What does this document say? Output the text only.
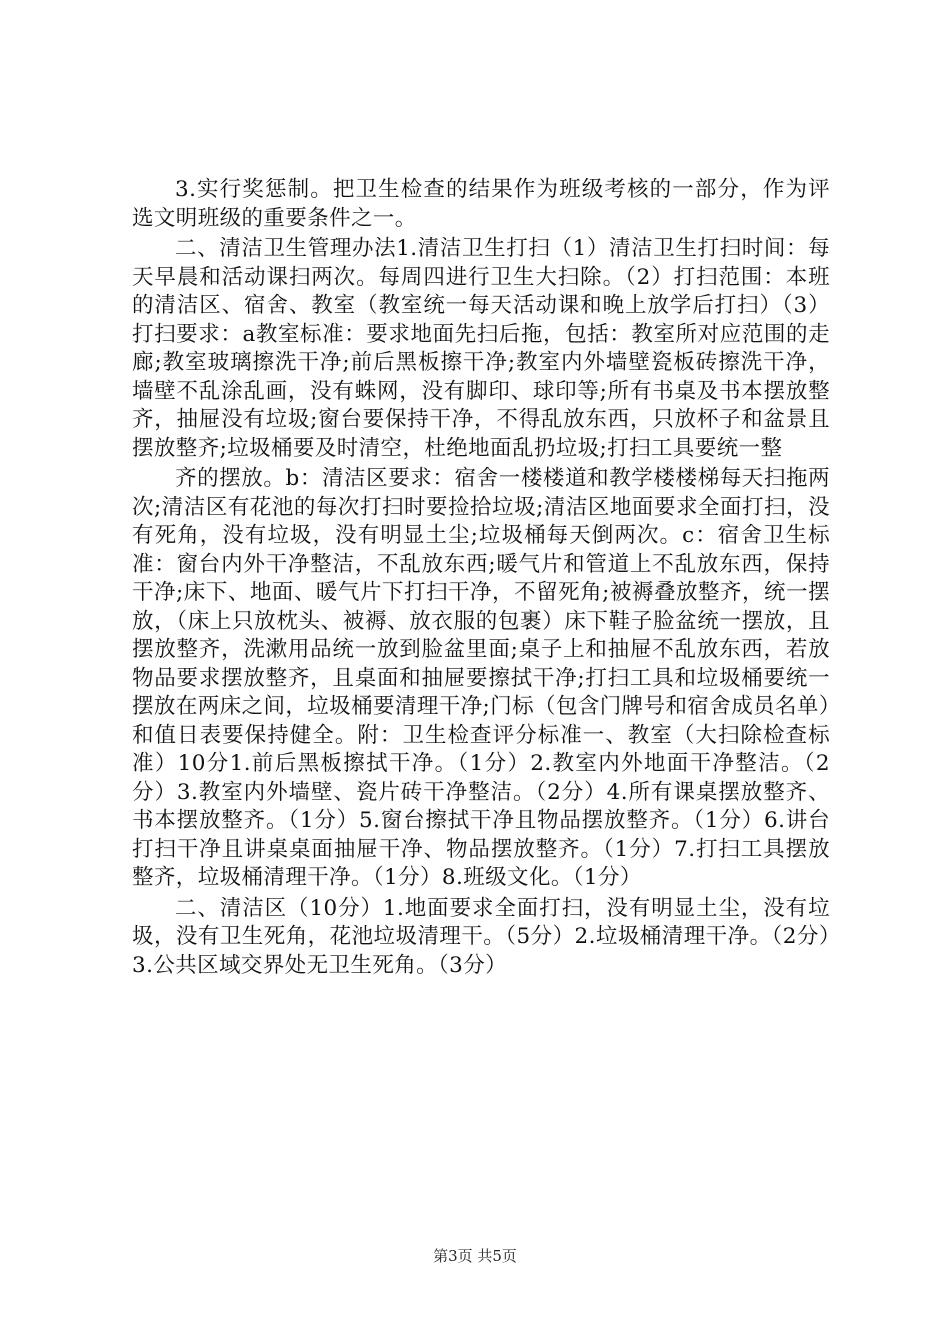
3.实行奖惩制。把卫生检查的结果作为班级考核的一部分，作为评选文明班级的重要条件之一。

二、清洁卫生管理办法1.清洁卫生打扫（1）清洁卫生打扫时间：每天早晨和活动课扫两次。每周四进行卫生大扫除。（2）打扫范围：本班的清洁区、宿舍、教室（教室统一每天活动课和晚上放学后打扫）（3）打扫要求：a教室标准：要求地面先扫后拖，包括：教室所对应范围的走廊;教室玻璃擦洗干净;前后黑板擦干净;教室内外墙壁瓷板砖擦洗干净，墙壁不乱涂乱画，没有蛛网，没有脚印、球印等;所有书桌及书本摆放整齐，抽屉没有垃圾;窗台要保持干净，不得乱放东西，只放杯子和盆景且摆放整齐;垃圾桶要及时清空，杜绝地面乱扔垃圾;打扫工具要统一整

齐的摆放。b：清洁区要求：宿舍一楼楼道和教学楼楼梯每天扫拖两次;清洁区有花池的每次打扫时要捡拾垃圾;清洁区地面要求全面打扫，没有死角，没有垃圾，没有明显土尘;垃圾桶每天倒两次。c：宿舍卫生标准：窗台内外干净整洁，不乱放东西;暖气片和管道上不乱放东西，保持干净;床下、地面、暖气片下打扫干净，不留死角;被褥叠放整齐，统一摆放，（床上只放枕头、被褥、放衣服的包裹）床下鞋子脸盆统一摆放，且摆放整齐，洗漱用品统一放到脸盆里面;桌子上和抽屉不乱放东西，若放物品要求摆放整齐，且桌面和抽屉要擦拭干净;打扫工具和垃圾桶要统一摆放在两床之间，垃圾桶要清理干净;门标（包含门牌号和宿舍成员名单）和值日表要保持健全。附：卫生检查评分标准一、教室（大扫除检查标准）10分1.前后黑板擦拭干净。（1分）2.教室内外地面干净整洁。（2分）3.教室内外墙壁、瓷片砖干净整洁。（2分）4.所有课桌摆放整齐、书本摆放整齐。（1分）5.窗台擦拭干净且物品摆放整齐。（1分）6.讲台打扫干净且讲桌桌面抽屉干净、物品摆放整齐。（1分）7.打扫工具摆放整齐，垃圾桶清理干净。（1分）8.班级文化。（1分）

二、清洁区（10分）1.地面要求全面打扫，没有明显土尘，没有垃圾，没有卫生死角，花池垃圾清理干。（5分）2.垃圾桶清理干净。（2分）3.公共区域交界处无卫生死角。（3分）

第3页 共5页
